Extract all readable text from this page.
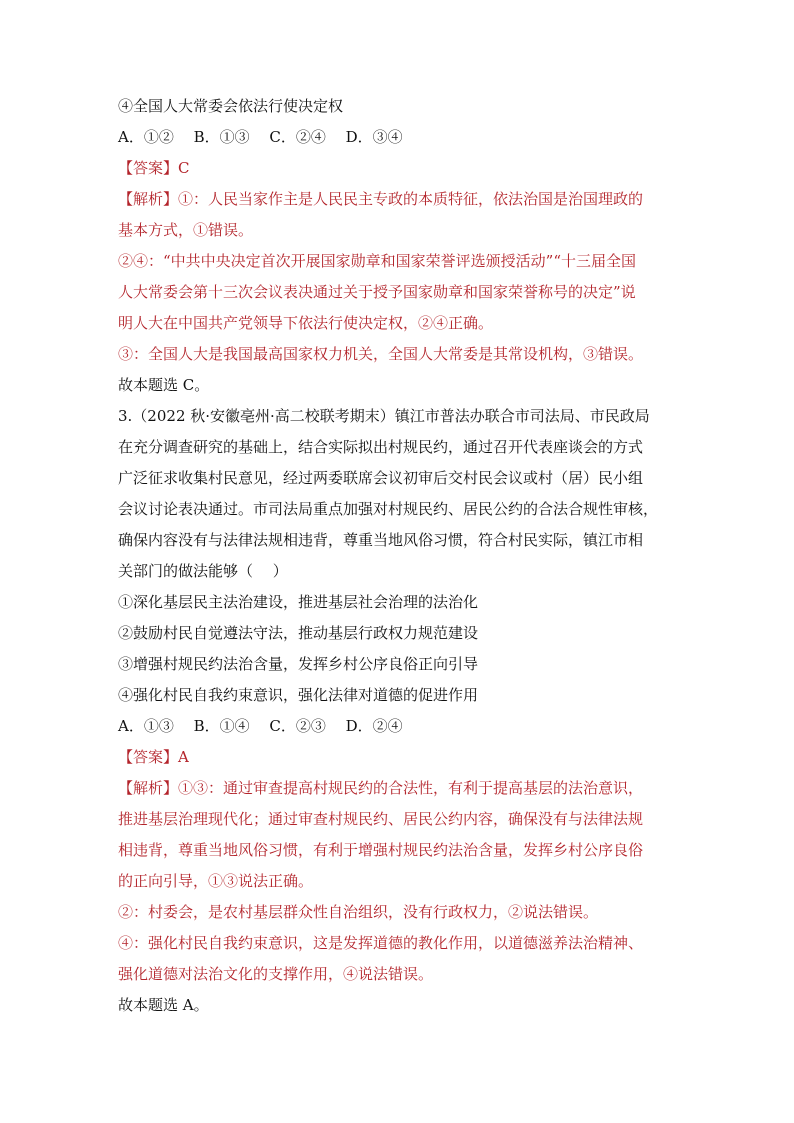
④全国人大常委会依法行使决定权
A．①②　 B．①③　 C．②④　 D．③④
【答案】C
【解析】①：人民当家作主是人民民主专政的本质特征，依法治国是治国理政的
基本方式，①错误。
②④：“中共中央决定首次开展国家勋章和国家荣誉评选颁授活动”“十三届全国
人大常委会第十三次会议表决通过关于授予国家勋章和国家荣誉称号的决定”说
明人大在中国共产党领导下依法行使决定权，②④正确。
③：全国人大是我国最高国家权力机关，全国人大常委是其常设机构，③错误。
故本题选 C。
3.（2022 秋·安徽亳州·高二校联考期末）镇江市普法办联合市司法局、市民政局
在充分调查研究的基础上，结合实际拟出村规民约，通过召开代表座谈会的方式
广泛征求收集村民意见，经过两委联席会议初审后交村民会议或村（居）民小组
会议讨论表决通过。市司法局重点加强对村规民约、居民公约的合法合规性审核，
确保内容没有与法律法规相违背，尊重当地风俗习惯，符合村民实际，镇江市相
关部门的做法能够（　 ）
①深化基层民主法治建设，推进基层社会治理的法治化
②鼓励村民自觉遵法守法，推动基层行政权力规范建设
③增强村规民约法治含量，发挥乡村公序良俗正向引导
④强化村民自我约束意识，强化法律对道德的促进作用
A．①③　 B．①④　 C．②③　 D．②④
【答案】A
【解析】①③：通过审查提高村规民约的合法性，有利于提高基层的法治意识，
推进基层治理现代化；通过审查村规民约、居民公约内容，确保没有与法律法规
相违背，尊重当地风俗习惯，有利于增强村规民约法治含量，发挥乡村公序良俗
的正向引导，①③说法正确。
②：村委会，是农村基层群众性自治组织，没有行政权力，②说法错误。
④：强化村民自我约束意识，这是发挥道德的教化作用，以道德滋养法治精神、
强化道德对法治文化的支撑作用，④说法错误。
故本题选 A。
